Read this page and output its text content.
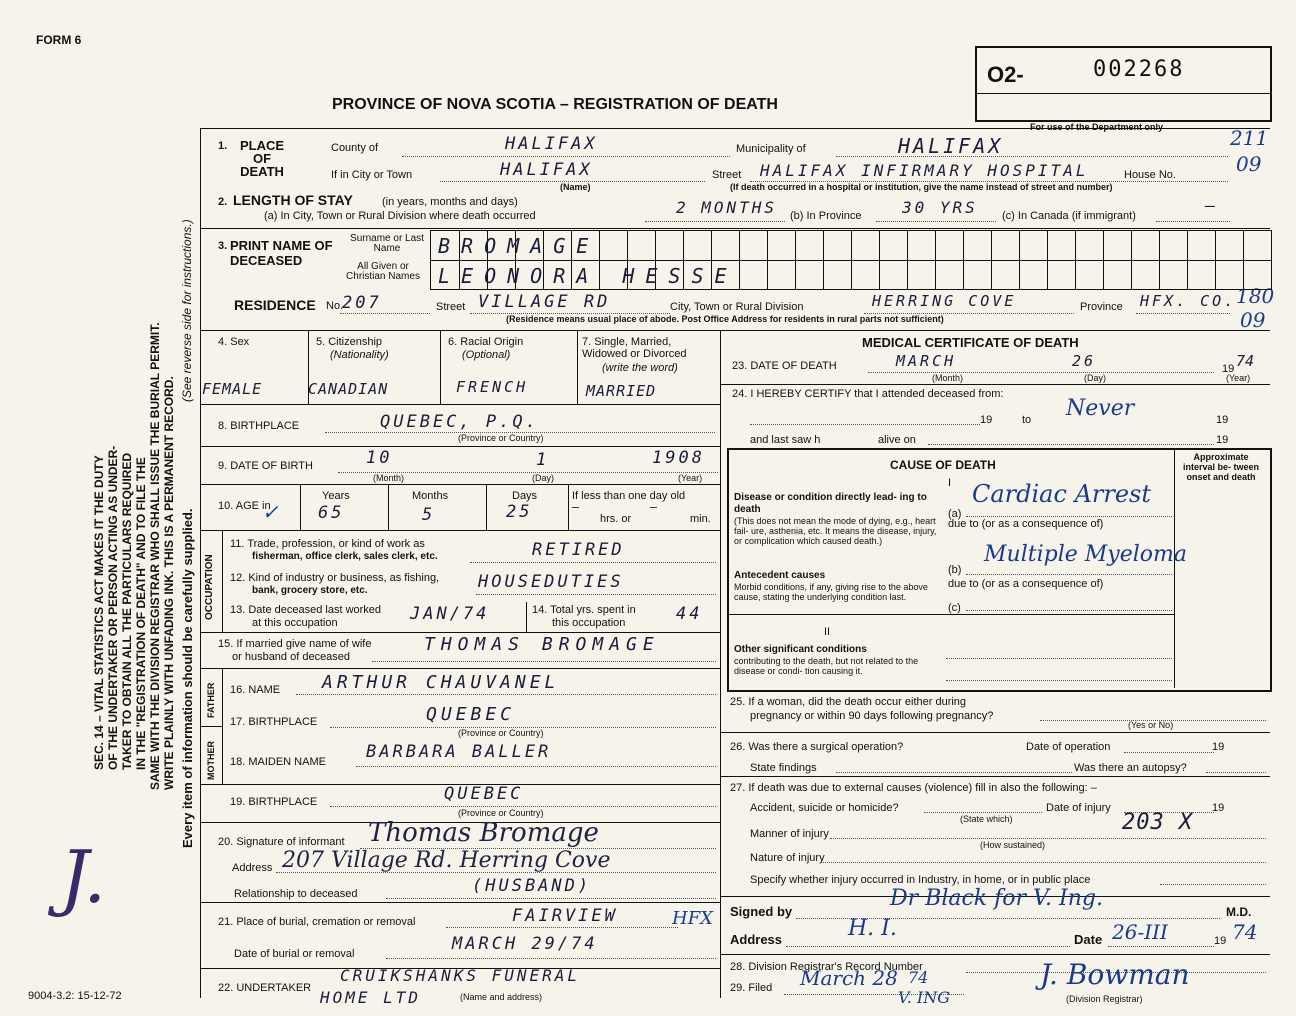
FORM 6
PROVINCE OF NOVA SCOTIA – REGISTRATION OF DEATH
O2-	002268
For use of the Department only	211
09
180
09
SEC. 14 – VITAL STATISTICS ACT MAKES IT THE DUTY OF THE UNDERTAKER OR PERSON ACTING AS UNDER- TAKER TO OBTAIN ALL THE PARTICULARS REQUIRED IN THE "REGISTRATION OF DEATH" AND TO FILE THE SAME WITH THE DIVISION REGISTRAR WHO SHALL ISSUE THE BURIAL PERMIT. WRITE PLAINLY WITH UNFADING INK. THIS IS A PERMANENT RECORD. Every item of information should be carefully supplied.
(See reverse side for instructions.)
J.
9004-3.2: 15-12-72
1. PLACE OF DEATH
County of	HALIFAX	Municipality of	HALIFAX
If in City or Town	HALIFAX
(Name)
Street HALIFAX INFIRMARY HOSPITAL	House No.
(If death occurred in a hospital or institution, give the name instead of street and number)
2. LENGTH OF STAY	(in years, months and days)
(a) In City, Town or Rural Division where death occurred	2 MONTHS (b) In Province	30 YRS (c) In Canada (if immigrant)	—
3. PRINT NAME OF DECEASED
Surname or Last Name
All Given or Christian Names
BROMAGE
LEONORA HESSE
RESIDENCE No.
207	Street VILLAGE RD	City, Town or Rural Division	HERRING COVE	Province HFX. CO.
(Residence means usual place of abode. Post Office Address for residents in rural parts not sufficient)
4. Sex
FEMALE
5. Citizenship
(Nationality)
CANADIAN
6. Racial Origin
(Optional)
FRENCH
7. Single, Married, Widowed or Divorced
(write the word)
MARRIED
8. BIRTHPLACE	QUEBEC, P.Q.
(Province or Country)
9. DATE OF BIRTH	10	1	1908
(Month)	(Day)	(Year)
10. AGE in
✓
Years
65
Months
5
Days
25
If less than one day old
—
hrs. or
—
min.
OCCUPATION
11. Trade, profession, or kind of work as
fisherman, office clerk, sales clerk, etc.	RETIRED
12. Kind of industry or business, as fishing,
bank, grocery store, etc.	HOUSEDUTIES
13. Date deceased last worked
at this occupation	JAN/74	14. Total yrs. spent in
this occupation	44
15. If married give name of wife
or husband of deceased
THOMAS BROMAGE
FATHER
MOTHER
16. NAME ARTHUR CHAUVANEL
17. BIRTHPLACE	QUEBEC
(Province or Country)
18. MAIDEN NAME BARBARA BALLER
19. BIRTHPLACE	QUEBEC
(Province or Country)
20. Signature of informant Thomas Bromage
Address 207 Village Rd. Herring Cove
Relationship to deceased	(HUSBAND)
21. Place of burial, cremation or removal	FAIRVIEW	HFX
Date of burial or removal	MARCH 29/74
22. UNDERTAKER
CRUIKSHANKS FUNERAL
HOME LTD	(Name and address)
MEDICAL CERTIFICATE OF DEATH
23. DATE OF DEATH	MARCH	26	19 74
(Month)	(Day)	(Year)
24. I HEREBY CERTIFY that I attended deceased from:
19	to Never	19
and last saw h	alive on	19
CAUSE OF DEATH
I
Approximate interval be- tween onset and death
Disease or condition directly lead- ing to death
(This does not mean the mode of dying, e.g., heart fail- ure, asthenia, etc. It means the disease, injury, or complication which caused death.)
(a)
Cardiac Arrest
due to (or as a consequence of)
Antecedent causes
Morbid conditions, if any, giving rise to the above cause, stating the underlying condition last.
(b)
Multiple Myeloma
due to (or as a consequence of)
(c)
II
Other significant conditions
contributing to the death, but not related to the disease or condi- tion causing it.
25. If a woman, did the death occur either during
pregnancy or within 90 days following pregnancy?
(Yes or No)
26. Was there a surgical operation?	Date of operation	19
State findings	Was there an autopsy?
27. If death was due to external causes (violence) fill in also the following: –
Accident, suicide or homicide?	Date of injury	19
(State which)
Manner of injury	203 X
(How sustained)
Nature of injury
Specify whether injury occurred in Industry, in home, or in public place
Signed by
Dr Black for V. Ing.
M.D.
Address	H. I.	Date 26-III	19 74
28. Division Registrar's Record Number
29. Filed March 28 74
V. ING
J. Bowman
(Division Registrar)
